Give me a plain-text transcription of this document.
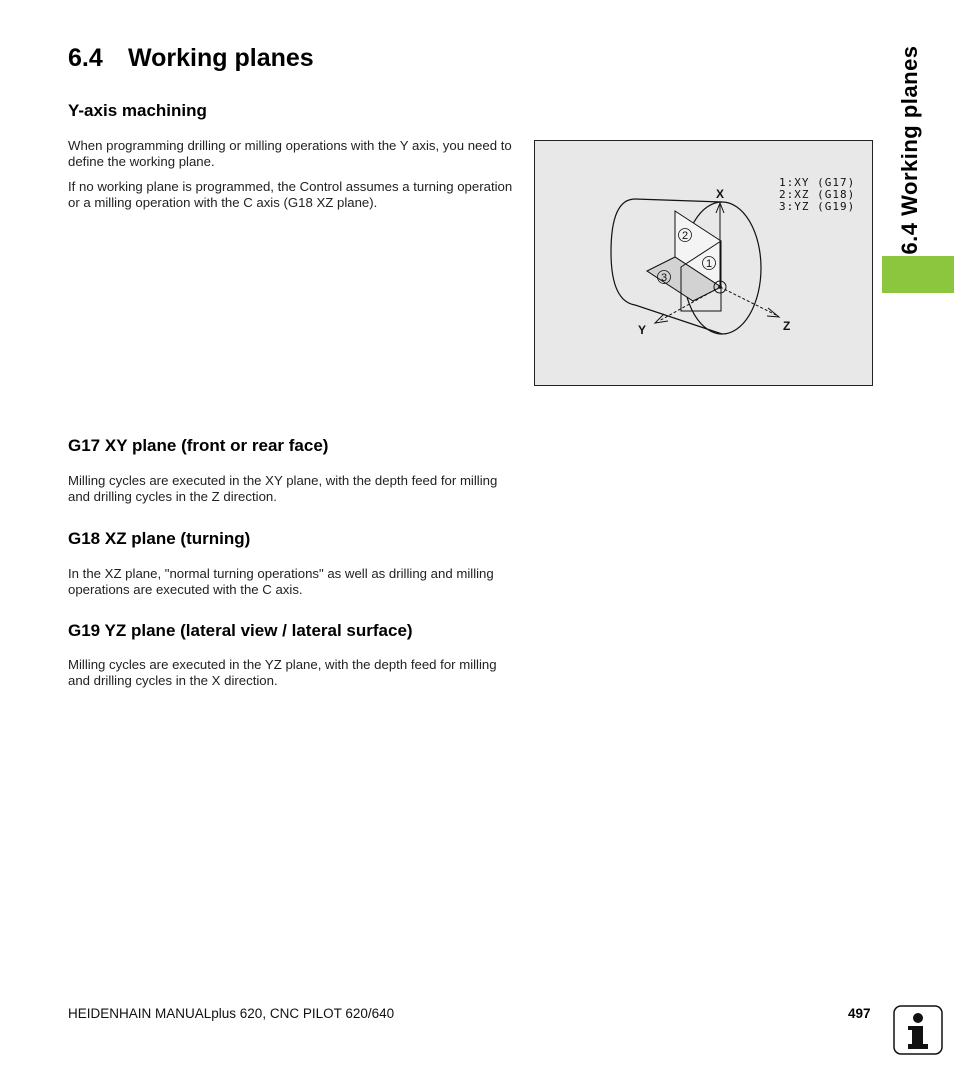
6.4 Working planes
Y-axis machining

When programming drilling or milling operations with the Y axis, you need to define the working plane.

If no working plane is programmed, the Control assumes a turning operation or a milling operation with the C axis (G18 XZ plane).

1
2
3
X
Y	Z
1:XY (G17)
2:XZ (G18)
3:YZ (G19)
G17 XY plane (front or rear face)

Milling cycles are executed in the XY plane, with the depth feed for milling and drilling cycles in the Z direction.

G18 XZ plane (turning)

In the XZ plane, "normal turning operations" as well as drilling and milling operations are executed with the C axis.

G19 YZ plane (lateral view / lateral surface)

Milling cycles are executed in the YZ plane, with the depth feed for milling and drilling cycles in the X direction.

6.4 Working planes

HEIDENHAIN MANUALplus 620, CNC PILOT 620/640	497
